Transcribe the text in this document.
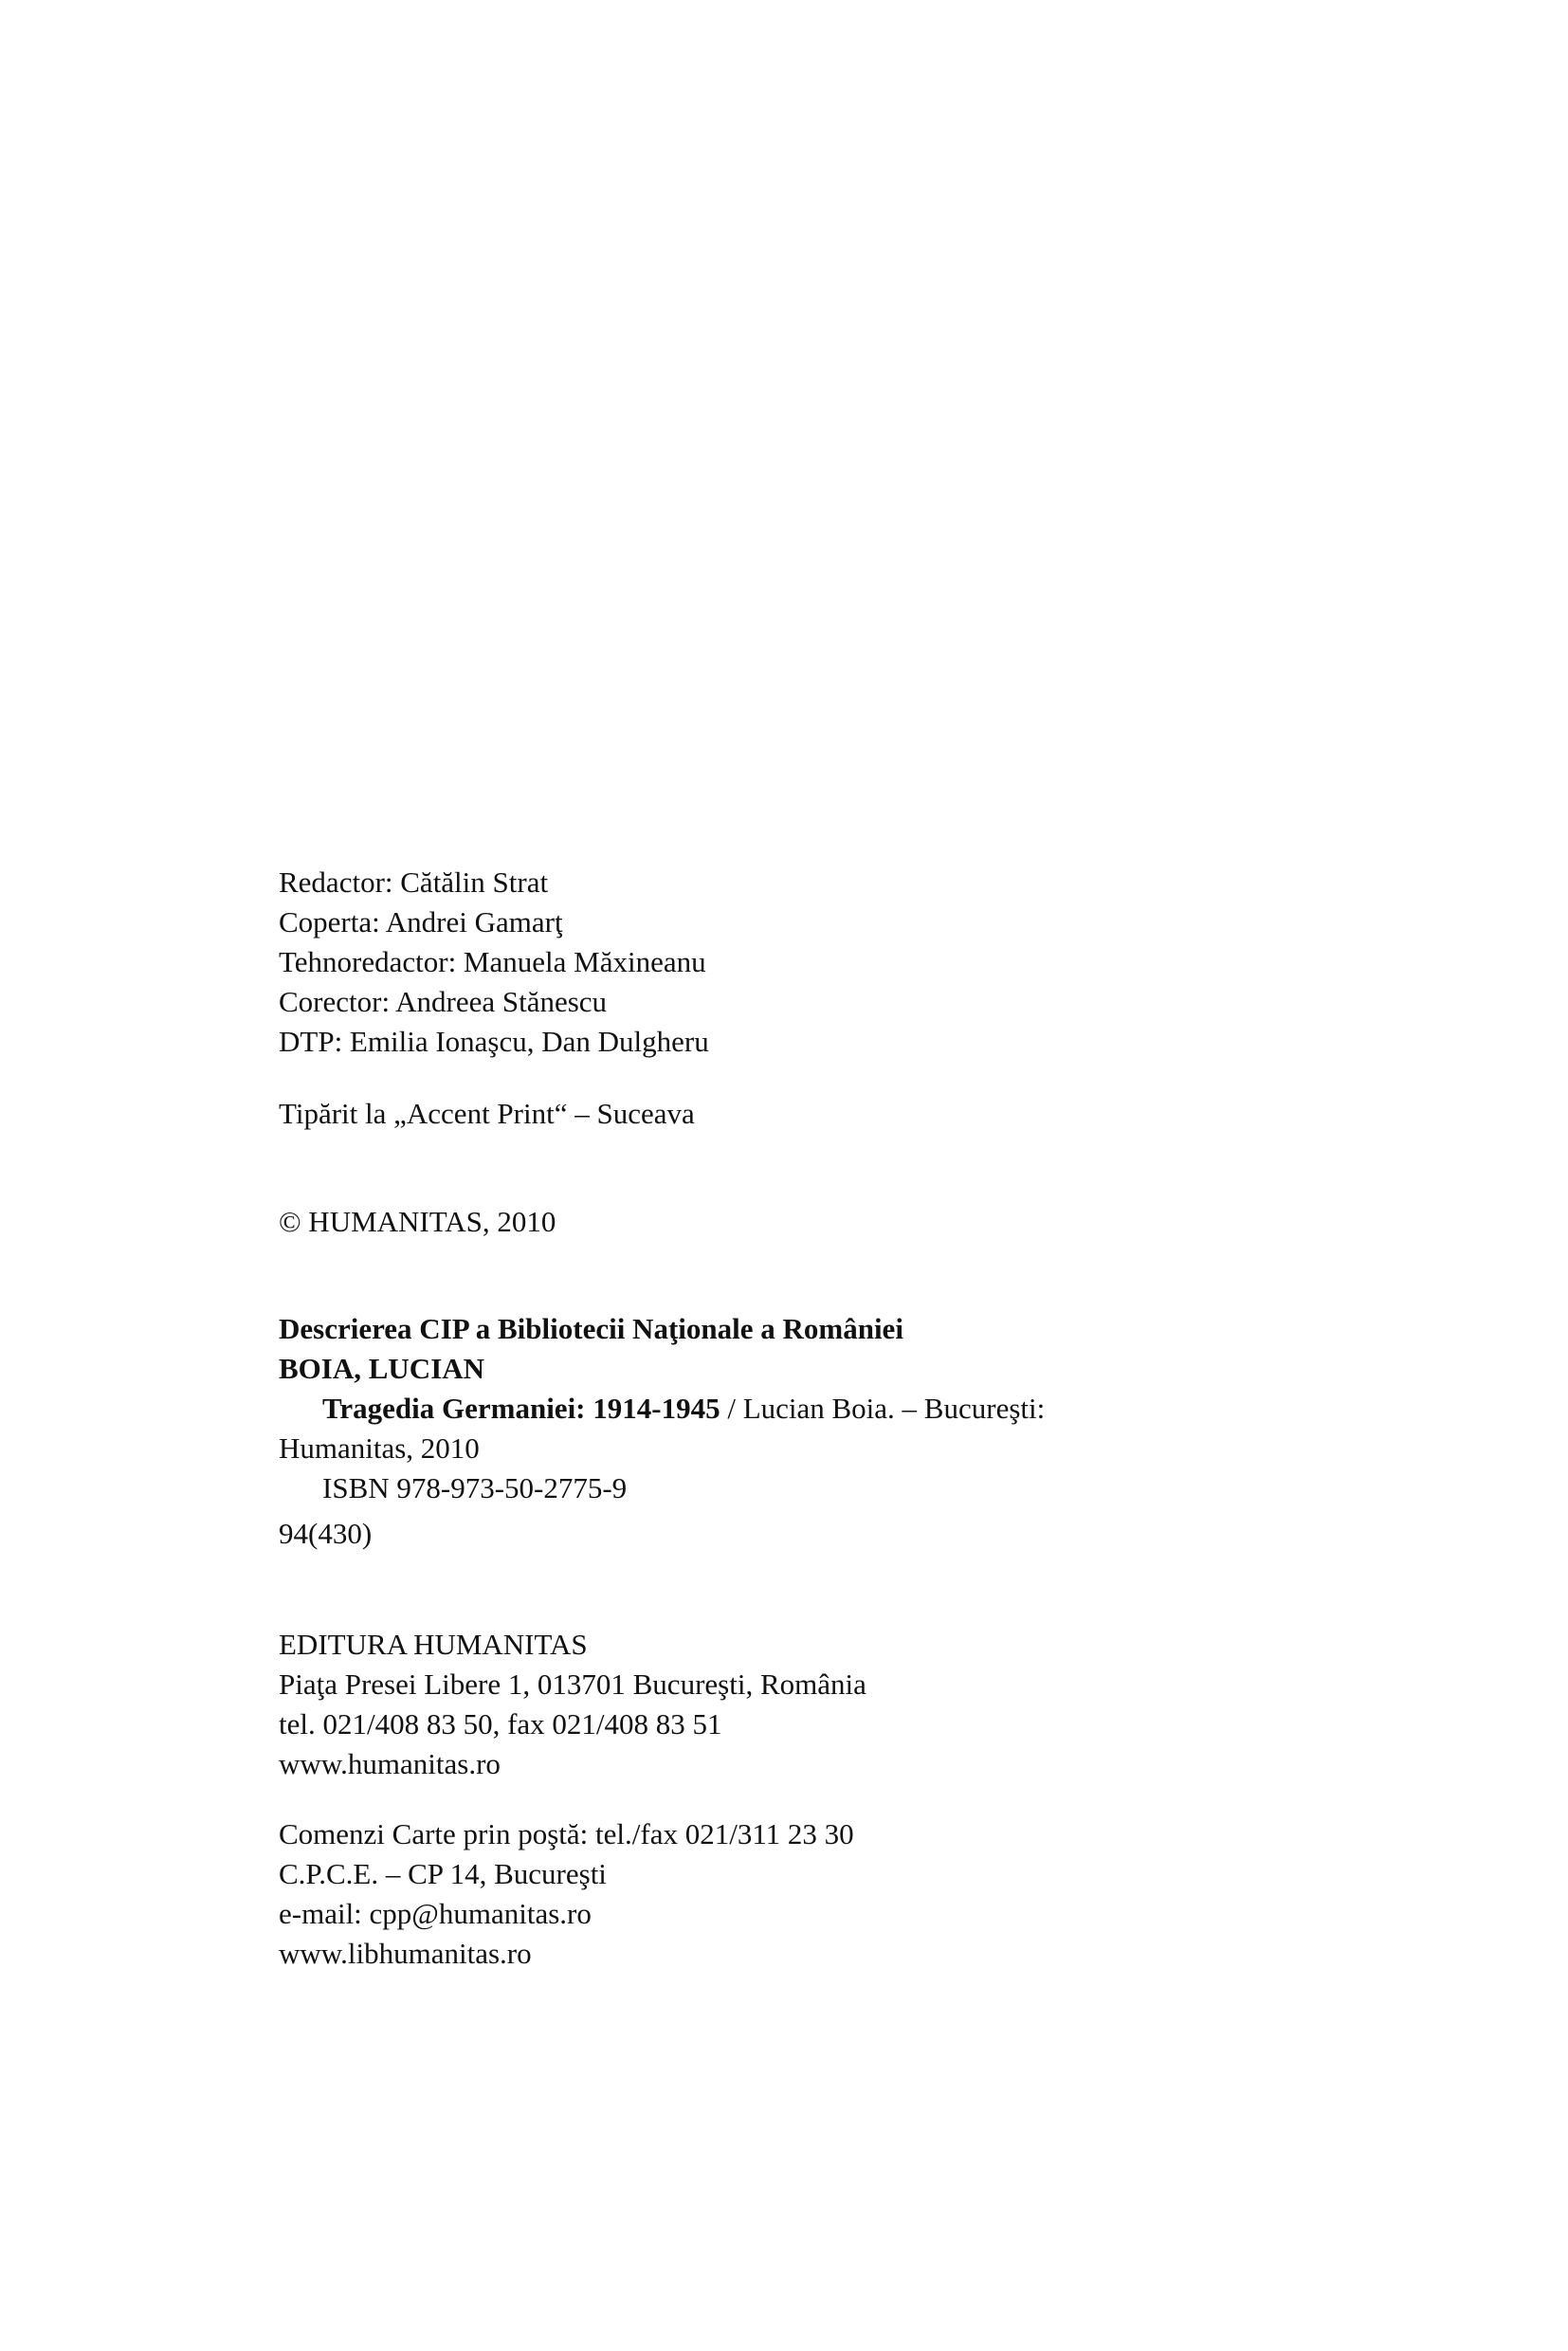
Redactor: Cătălin Strat
Coperta: Andrei Gamarţ
Tehnoredactor: Manuela Măxineanu
Corector: Andreea Stănescu
DTP: Emilia Ionaşcu, Dan Dulgheru
Tipărit la „Accent Print“ – Suceava
© HUMANITAS, 2010
Descrierea CIP a Bibliotecii Naţionale a României
BOIA, LUCIAN
Tragedia Germaniei: 1914-1945 / Lucian Boia. – Bucureşti:
Humanitas, 2010
ISBN 978-973-50-2775-9
94(430)
EDITURA HUMANITAS
Piaţa Presei Libere 1, 013701 Bucureşti, România
tel. 021/408 83 50, fax 021/408 83 51
www.humanitas.ro
Comenzi Carte prin poştă: tel./fax 021/311 23 30
C.P.C.E. – CP 14, Bucureşti
e-mail: cpp@humanitas.ro
www.libhumanitas.ro
